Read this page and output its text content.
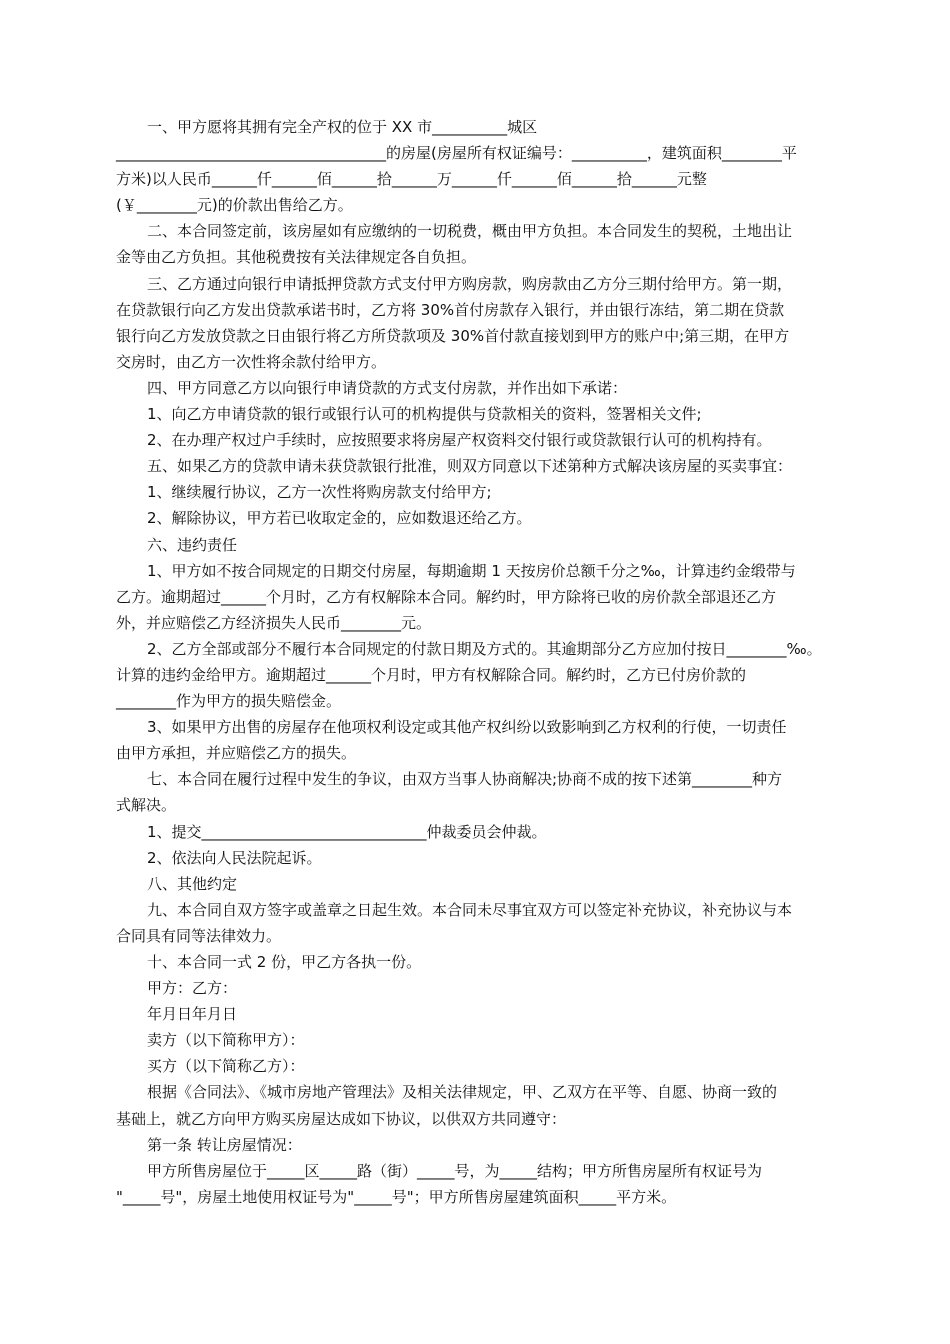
一、甲方愿将其拥有完全产权的位于 XX 市__________城区
____________________________________的房屋(房屋所有权证编号：__________，建筑面积________平
方米)以人民币______仟______佰______拾______万______仟______佰______拾______元整
(￥________元)的价款出售给乙方。
二、本合同签定前，该房屋如有应缴纳的一切税费，概由甲方负担。本合同发生的契税，土地出让
金等由乙方负担。其他税费按有关法律规定各自负担。
三、乙方通过向银行申请抵押贷款方式支付甲方购房款，购房款由乙方分三期付给甲方。第一期，
在贷款银行向乙方发出贷款承诺书时，乙方将 30%首付房款存入银行，并由银行冻结，第二期在贷款
银行向乙方发放贷款之日由银行将乙方所贷款项及 30%首付款直接划到甲方的账户中;第三期，在甲方
交房时，由乙方一次性将余款付给甲方。
四、甲方同意乙方以向银行申请贷款的方式支付房款，并作出如下承诺：
1、向乙方申请贷款的银行或银行认可的机构提供与贷款相关的资料，签署相关文件;
2、在办理产权过户手续时，应按照要求将房屋产权资料交付银行或贷款银行认可的机构持有。
五、如果乙方的贷款申请未获贷款银行批准，则双方同意以下述第种方式解决该房屋的买卖事宜：
1、继续履行协议，乙方一次性将购房款支付给甲方;
2、解除协议，甲方若已收取定金的，应如数退还给乙方。
六、违约责任
1、甲方如不按合同规定的日期交付房屋，每期逾期 1 天按房价总额千分之‰，计算违约金缎带与
乙方。逾期超过______个月时，乙方有权解除本合同。解约时，甲方除将已收的房价款全部退还乙方
外，并应赔偿乙方经济损失人民币________元。
2、乙方全部或部分不履行本合同规定的付款日期及方式的。其逾期部分乙方应加付按日________‰。
计算的违约金给甲方。逾期超过______个月时，甲方有权解除合同。解约时，乙方已付房价款的
________作为甲方的损失赔偿金。
3、如果甲方出售的房屋存在他项权利设定或其他产权纠纷以致影响到乙方权利的行使，一切责任
由甲方承担，并应赔偿乙方的损失。
七、本合同在履行过程中发生的争议，由双方当事人协商解决;协商不成的按下述第________种方
式解决。
1、提交______________________________仲裁委员会仲裁。
2、依法向人民法院起诉。
八、其他约定
九、本合同自双方签字或盖章之日起生效。本合同未尽事宜双方可以签定补充协议，补充协议与本
合同具有同等法律效力。
十、本合同一式 2 份，甲乙方各执一份。
甲方：乙方：
年月日年月日
卖方（以下简称甲方）：
买方（以下简称乙方）：
根据《合同法》、《城市房地产管理法》及相关法律规定，甲、乙双方在平等、自愿、协商一致的
基础上，就乙方向甲方购买房屋达成如下协议，以供双方共同遵守：
第一条 转让房屋情况：
甲方所售房屋位于_____区_____路（街）_____号，为_____结构；甲方所售房屋所有权证号为
"_____号"，房屋土地使用权证号为"_____号"；甲方所售房屋建筑面积_____平方米。
